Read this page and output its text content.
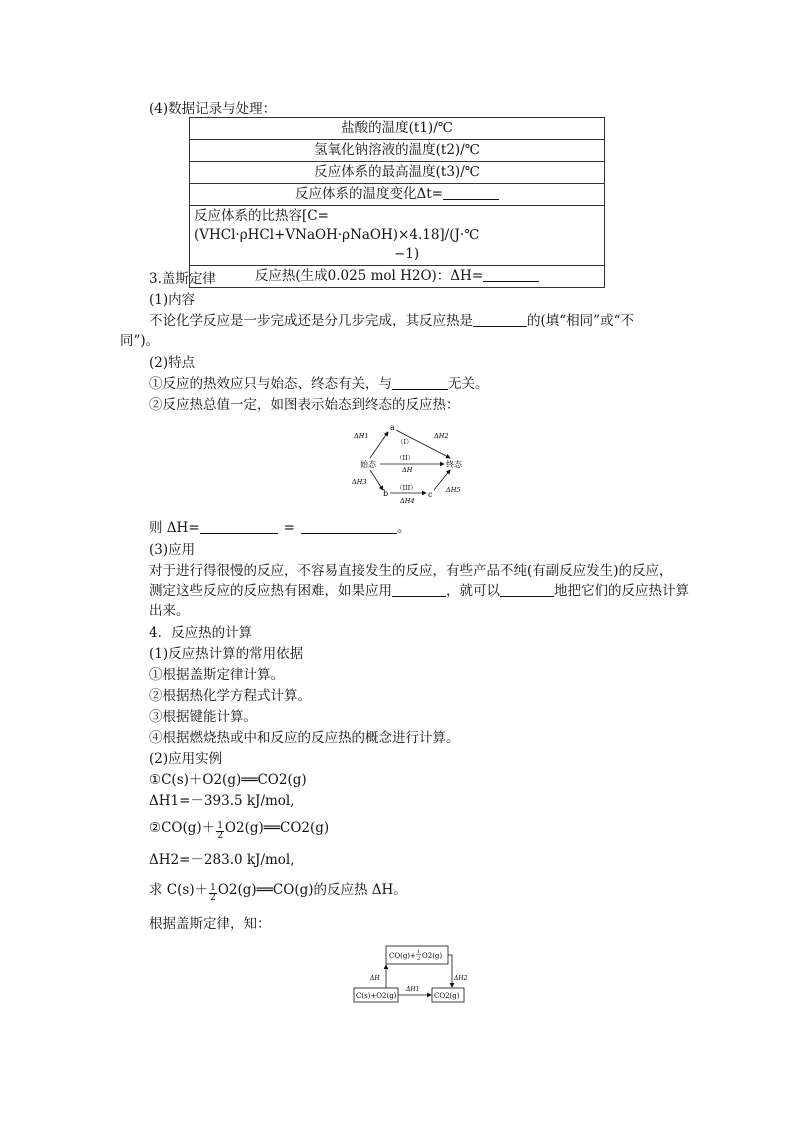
(4)数据记录与处理：
盐酸的温度(t1)/℃
氢氧化钠溶液的温度(t2)/℃
反应体系的最高温度(t3)/℃
反应体系的温度变化Δt=

反应体系的比热容[C=(VHCl·ρHCl+VNaOH·ρNaOH)×4.18]/(J·℃
−1)

反应热(生成0.025 mol H2O)：ΔH=
3.盖斯定律
(1)内容
不论化学反应是一步完成还是分几步完成，其反应热是	的(填“相同”或“不
同”)。
(2)特点
①反应的热效应只与始态、终态有关，与	无关。
②反应热总值一定，如图表示始态到终态的反应热：
a
始态	终态
b	c
ΔH1	ΔH2
（I）
（II）
ΔH
ΔH3
（III）
ΔH4
ΔH5
则 ΔH=	=	。
(3)应用
对于进行得很慢的反应，不容易直接发生的反应，有些产品不纯(有副反应发生)的反应，
测定这些反应的反应热有困难，如果应用	，就可以	地把它们的反应热计算
出来。
4．反应热的计算
(1)反应热计算的常用依据
①根据盖斯定律计算。
②根据热化学方程式计算。
③根据键能计算。
④根据燃烧热或中和反应的反应热的概念进行计算。
(2)应用实例
①C(s)＋O2(g)══CO2(g)
ΔH1=－393.5 kJ/mol,
②CO(g)＋ $\frac{1}{2}$ O2(g)══CO2(g)
ΔH2=－283.0 kJ/mol,
求 $C(s)+ \frac{1}{2}$ O2(g)══CO(g)的反应热 ΔH。
根据盖斯定律，知：
CO(g)+ 1
2 O2(g)
C(s)+O2(g)	CO2(g)
ΔH
ΔH1
ΔH2
